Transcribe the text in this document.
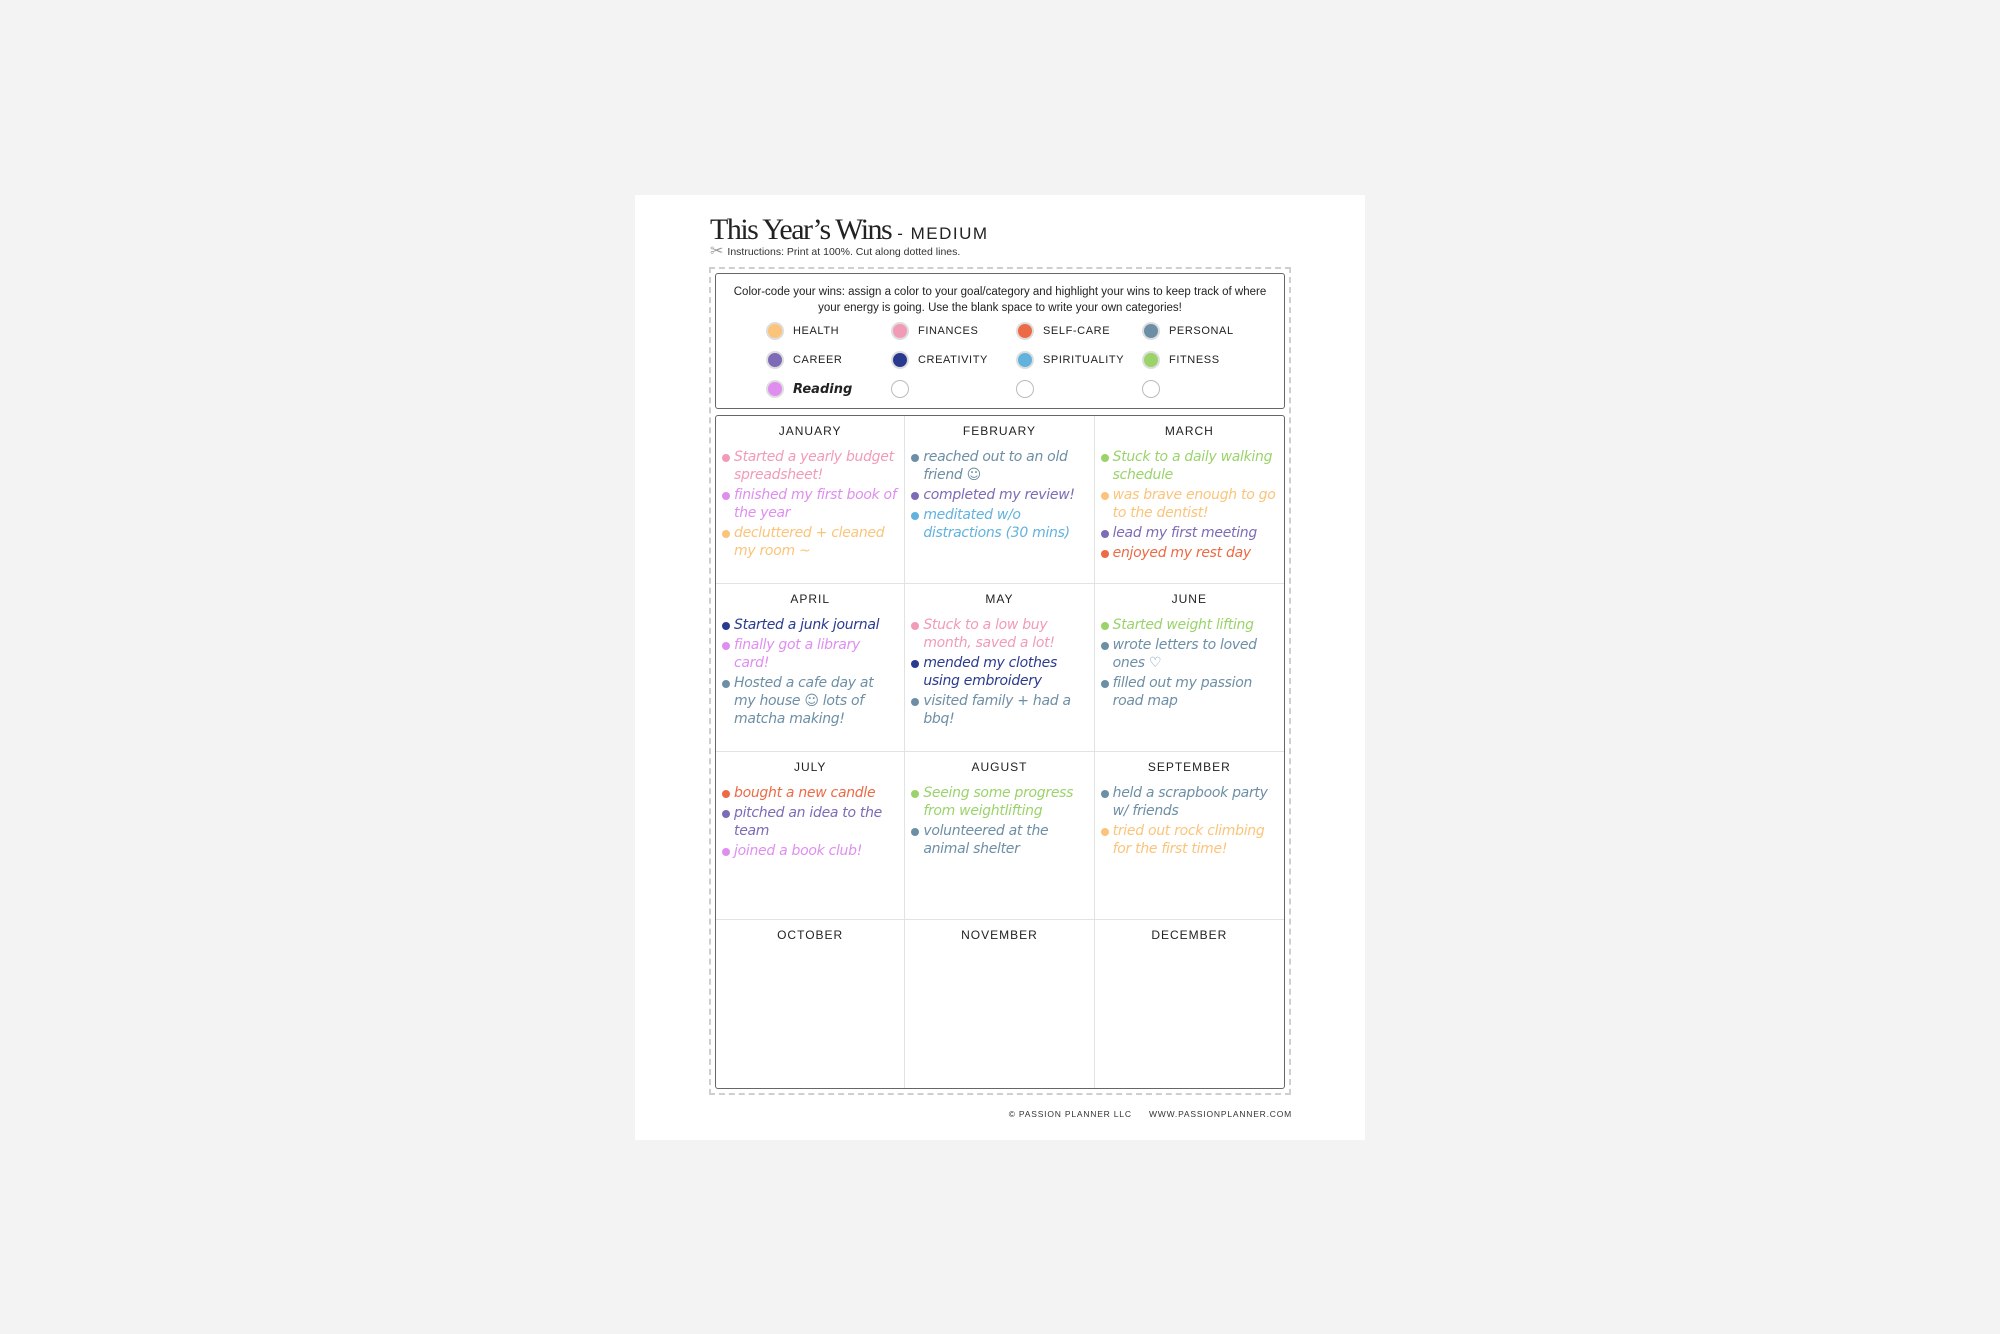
This Year’s Wins - MEDIUM
✂ Instructions: Print at 100%. Cut along dotted lines.
Color-code your wins: assign a color to your goal/category and highlight your wins to keep track of where your energy is going. Use the blank space to write your own categories!
HEALTH	FINANCES	SELF-CARE	PERSONAL
CAREER	CREATIVITY	SPIRITUALITY	FITNESS
Reading
JANUARY
Started a yearly budget spreadsheet!
finished my first book of the year
decluttered + cleaned my room ~
FEBRUARY
reached out to an old friend ☺
completed my review!
meditated w/o distractions (30 mins)
MARCH
Stuck to a daily walking schedule
was brave enough to go to the dentist!
lead my first meeting
enjoyed my rest day
APRIL
Started a junk journal
finally got a library card!
Hosted a cafe day at my house ☺ lots of matcha making!
MAY
Stuck to a low buy month, saved a lot!
mended my clothes using embroidery
visited family + had a bbq!
JUNE
Started weight lifting
wrote letters to loved ones ♡
filled out my passion road map
JULY
bought a new candle
pitched an idea to the team
joined a book club!
AUGUST
Seeing some progress from weightlifting
volunteered at the animal shelter
SEPTEMBER
held a scrapbook party w/ friends
tried out rock climbing for the first time!
OCTOBER	NOVEMBER	DECEMBER
© PASSION PLANNER LLC WWW.PASSIONPLANNER.COM
